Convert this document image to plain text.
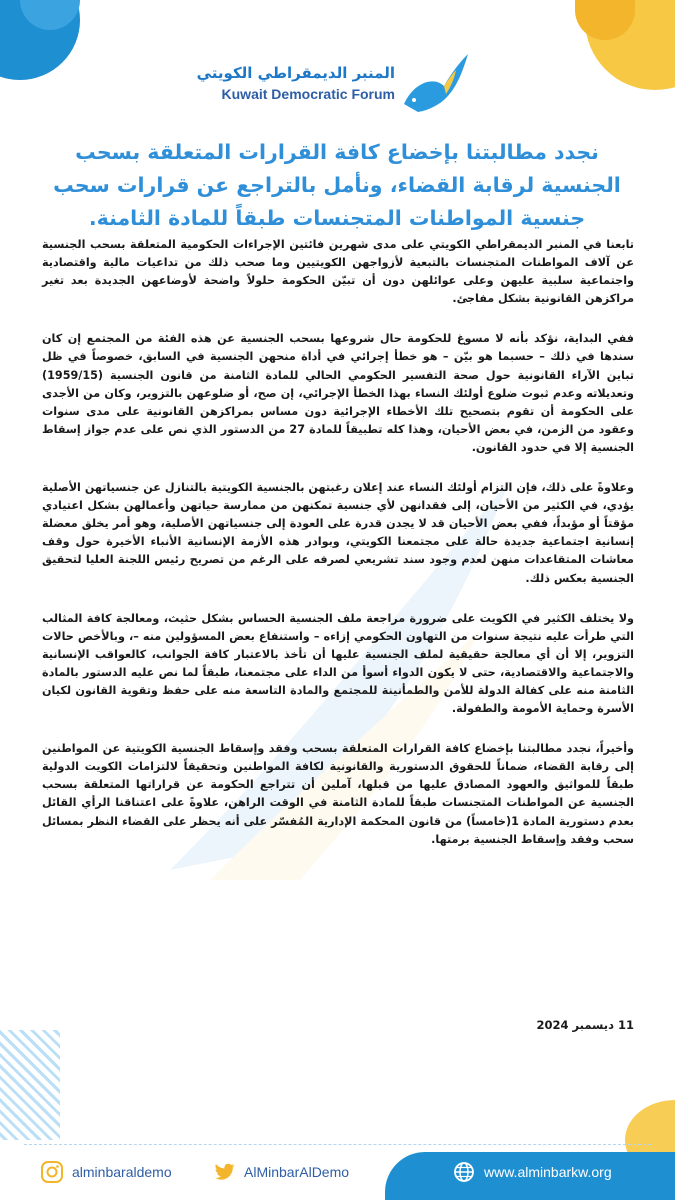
المنبر الديمقراطي الكويتي
Kuwait Democratic Forum
نجدد مطالبتنا بإخضاع كافة القرارات المتعلقة بسحب الجنسية لرقابة القضاء، ونأمل بالتراجع عن قرارات سحب جنسية المواطنات المتجنسات طبقاً للمادة الثامنة.

تابعنا في المنبر الديمقراطي الكويتي على مدى شهرين فائتين الإجراءات الحكومية المتعلقة بسحب الجنسية عن آلاف المواطنات المتجنسات بالتبعية لأزواجهن الكويتيين وما صحب ذلك من تداعيات مالية واقتصادية واجتماعية سلبية عليهن وعلى عوائلهن دون أن تبيّن الحكومة حلولاً واضحة لأوضاعهن الجديدة بعد تغير مراكزهن القانونية بشكل مفاجئ.

ففي البداية، نؤكد بأنه لا مسوغ للحكومة حال شروعها بسحب الجنسية عن هذه الفئة من المجتمع إن كان سندها في ذلك – حسبما هو بيّن – هو خطأ إجرائي في أداة منحهن الجنسية في السابق، خصوصاً في ظل تباين الآراء القانونية حول صحة التفسير الحكومي الحالي للمادة الثامنة من قانون الجنسية (1959/15) وتعديلاته وعدم ثبوت ضلوع أولئك النساء بهذا الخطأ الإجرائي، إن صح، أو ضلوعهن بالتزوير، وكان من الأجدى على الحكومة أن تقوم بتصحيح تلك الأخطاء الإجرائية دون مساس بمراكزهن القانونية على مدى سنوات وعقود من الزمن، في بعض الأحيان، وهذا كله تطبيقاً للمادة 27 من الدستور الذي نص على عدم جواز إسقاط الجنسية إلا في حدود القانون.

وعلاوةً على ذلك، فإن التزام أولئك النساء عند إعلان رغبتهن بالجنسية الكويتية بالتنازل عن جنسياتهن الأصلية يؤدي، في الكثير من الأحيان، إلى فقدانهن لأي جنسية تمكنهن من ممارسة حياتهن وأعمالهن بشكل اعتيادي مؤقتاً أو مؤبداً، ففي بعض الأحيان قد لا يجدن قدرة على العودة إلى جنسياتهن الأصلية، وهو أمر يخلق معضلة إنسانية اجتماعية جديدة حالة على مجتمعنا الكويتي، وبوادر هذه الأزمة الإنسانية الأنباء الأخيرة حول وقف معاشات المتقاعدات منهن لعدم وجود سند تشريعي لصرفه على الرغم من تصريح رئيس اللجنة العليا لتحقيق الجنسية بعكس ذلك.

ولا يختلف الكثير في الكويت على ضرورة مراجعة ملف الجنسية الحساس بشكل حثيث، ومعالجة كافة المثالب التي طرأت عليه نتيجة سنوات من التهاون الحكومي إزاءه – واستنفاع بعض المسؤولين منه –، وبالأخص حالات التزوير، إلا أن أي معالجة حقيقية لملف الجنسية عليها أن تأخذ بالاعتبار كافة الجوانب، كالعواقب الإنسانية والاجتماعية والاقتصادية، حتى لا يكون الدواء أسوأ من الداء على مجتمعنا، طبقاً لما نص عليه الدستور بالمادة الثامنة منه على كفالة الدولة للأمن والطمأنينة للمجتمع والمادة التاسعة منه على حفظ وتقوية القانون لكيان الأسرة وحماية الأمومة والطفولة.

وأخيراً، نجدد مطالبتنا بإخضاع كافة القرارات المتعلقة بسحب وفقد وإسقاط الجنسية الكويتية عن المواطنين إلى رقابة القضاء، ضماناً للحقوق الدستورية والقانونية لكافة المواطنين وتحقيقاً لالتزامات الكويت الدولية طبقاً للمواثيق والعهود المصادق عليها من قبلها، آملين أن تتراجع الحكومة عن قراراتها المتعلقة بسحب الجنسية عن المواطنات المتجنسات طبقاً للمادة الثامنة في الوقت الراهن، علاوةً على اعتناقنا الرأي القائل بعدم دستورية المادة 1(خامساً) من قانون المحكمة الإدارية المُفسّر على أنه يحظر على القضاء النظر بمسائل سحب وفقد وإسقاط الجنسية برمتها.

11 ديسمبر 2024
alminbaraldemo	AlMinbarAlDemo	www.alminbarkw.org
